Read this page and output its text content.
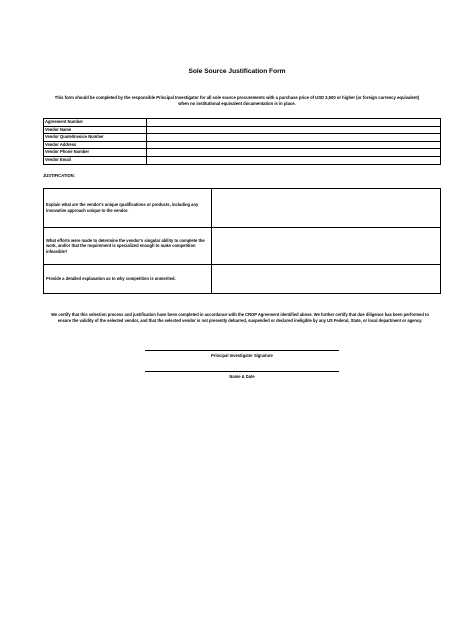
Sole Source Justification Form
This form should be completed by the responsible Principal Investigator for all sole source procurements with a purchase price of USD 3,500 or higher (or foreign currency equivalent) when no institutional equivalent documentation is in place.
Agreement Number	
Vendor Name	
Vendor Quote/Invoice Number	
Vendor Address	
Vendor Phone Number	
Vendor Email	
JUSTIFICATION:
Explain what are the vendor's unique qualifications or products, including any innovative approach unique to the vendor.	
What efforts were made to determine the vendor's singular ability to complete the work, and/or that the requirement is specialized enough to make competition infeasible?	
Provide a detailed explanation as to why competition is unmerited.	
We certify that this selection process and justification have been completed in accordance with the CROP Agreement identified above. We further certify that due diligence has been performed to ensure the validity of the selected vendor, and that the selected vendor is not presently debarred, suspended or declared ineligible by any US Federal, State, or local department or agency.
Principal Investigator Signature
Name & Date
